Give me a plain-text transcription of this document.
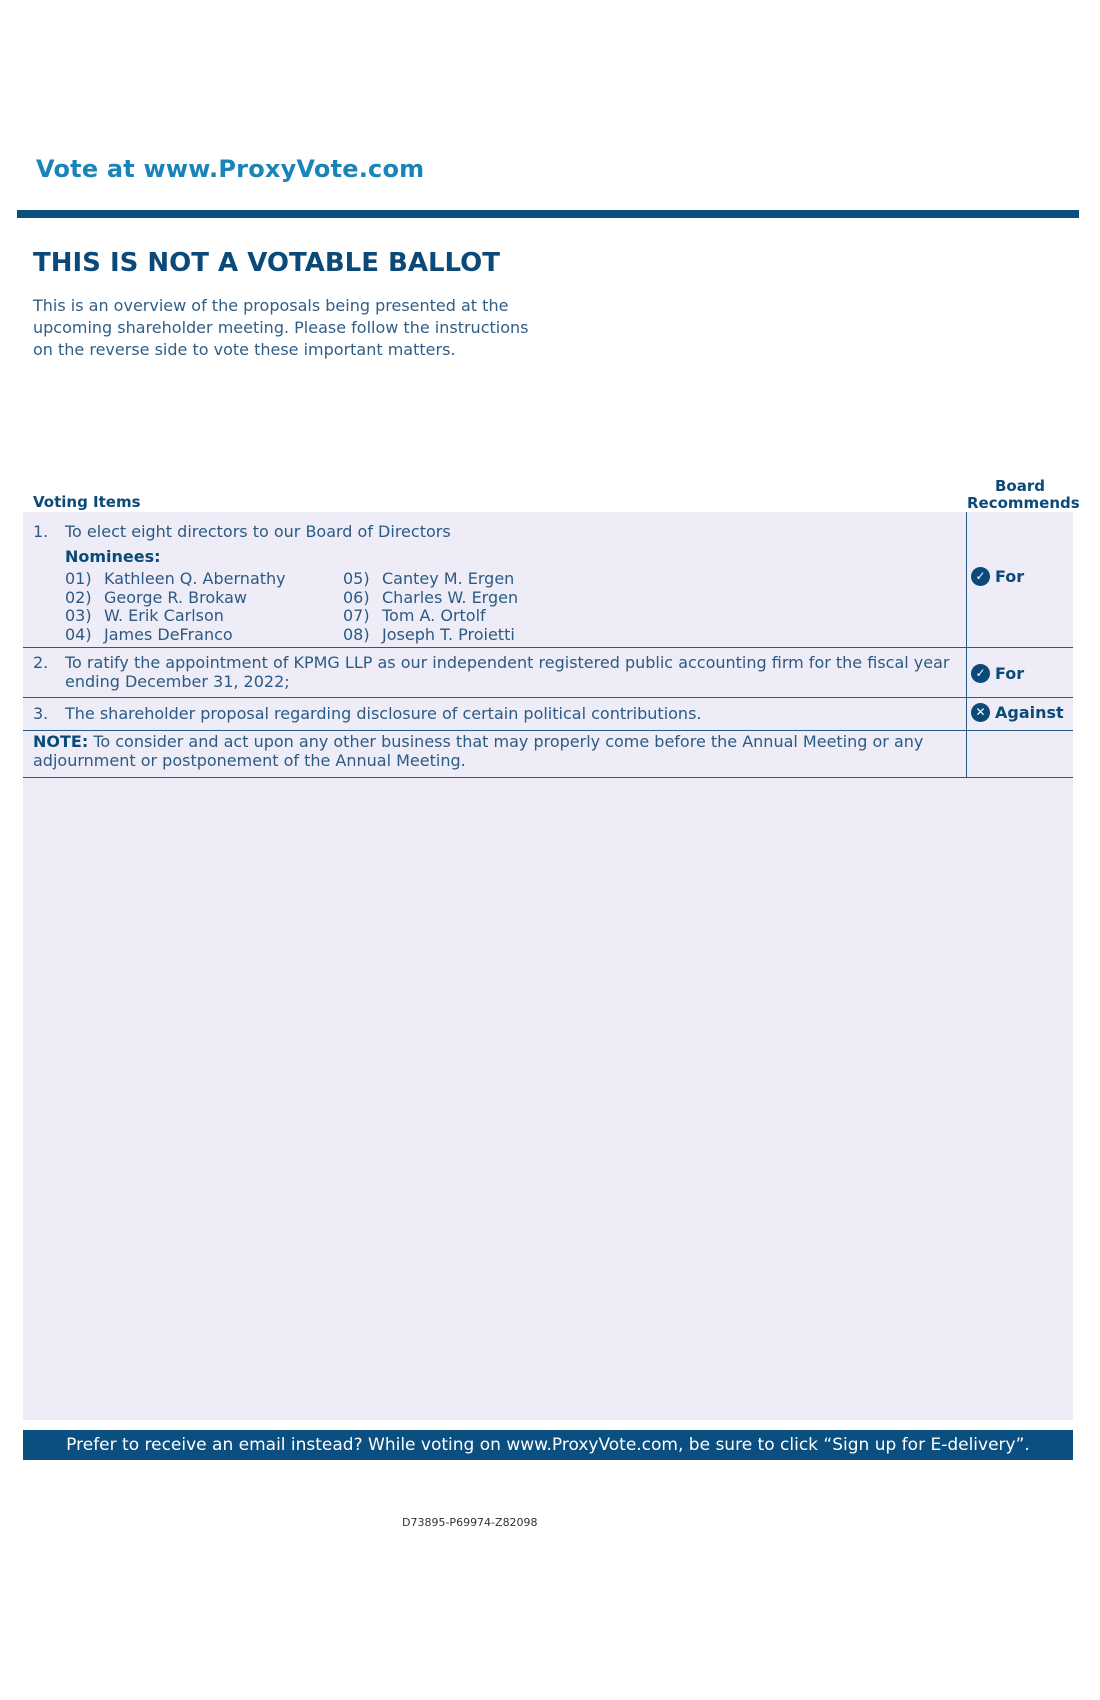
Vote at www.ProxyVote.com
THIS IS NOT A VOTABLE BALLOT
This is an overview of the proposals being presented at the upcoming shareholder meeting. Please follow the instructions on the reverse side to vote these important matters.
Voting Items
Board Recommends
1. To elect eight directors to our Board of Directors
Nominees:
01) Kathleen Q. Abernathy
02) George R. Brokaw
03) W. Erik Carlson
04) James DeFranco
05) Cantey M. Ergen
06) Charles W. Ergen
07) Tom A. Ortolf
08) Joseph T. Proietti
✓ For
2. To ratify the appointment of KPMG LLP as our independent registered public accounting firm for the fiscal year ending December 31, 2022;	✓ For
3. The shareholder proposal regarding disclosure of certain political contributions.	✕ Against
NOTE: To consider and act upon any other business that may properly come before the Annual Meeting or any adjournment or postponement of the Annual Meeting.
Prefer to receive an email instead? While voting on www.ProxyVote.com, be sure to click “Sign up for E-delivery”.
D73895-P69974-Z82098
